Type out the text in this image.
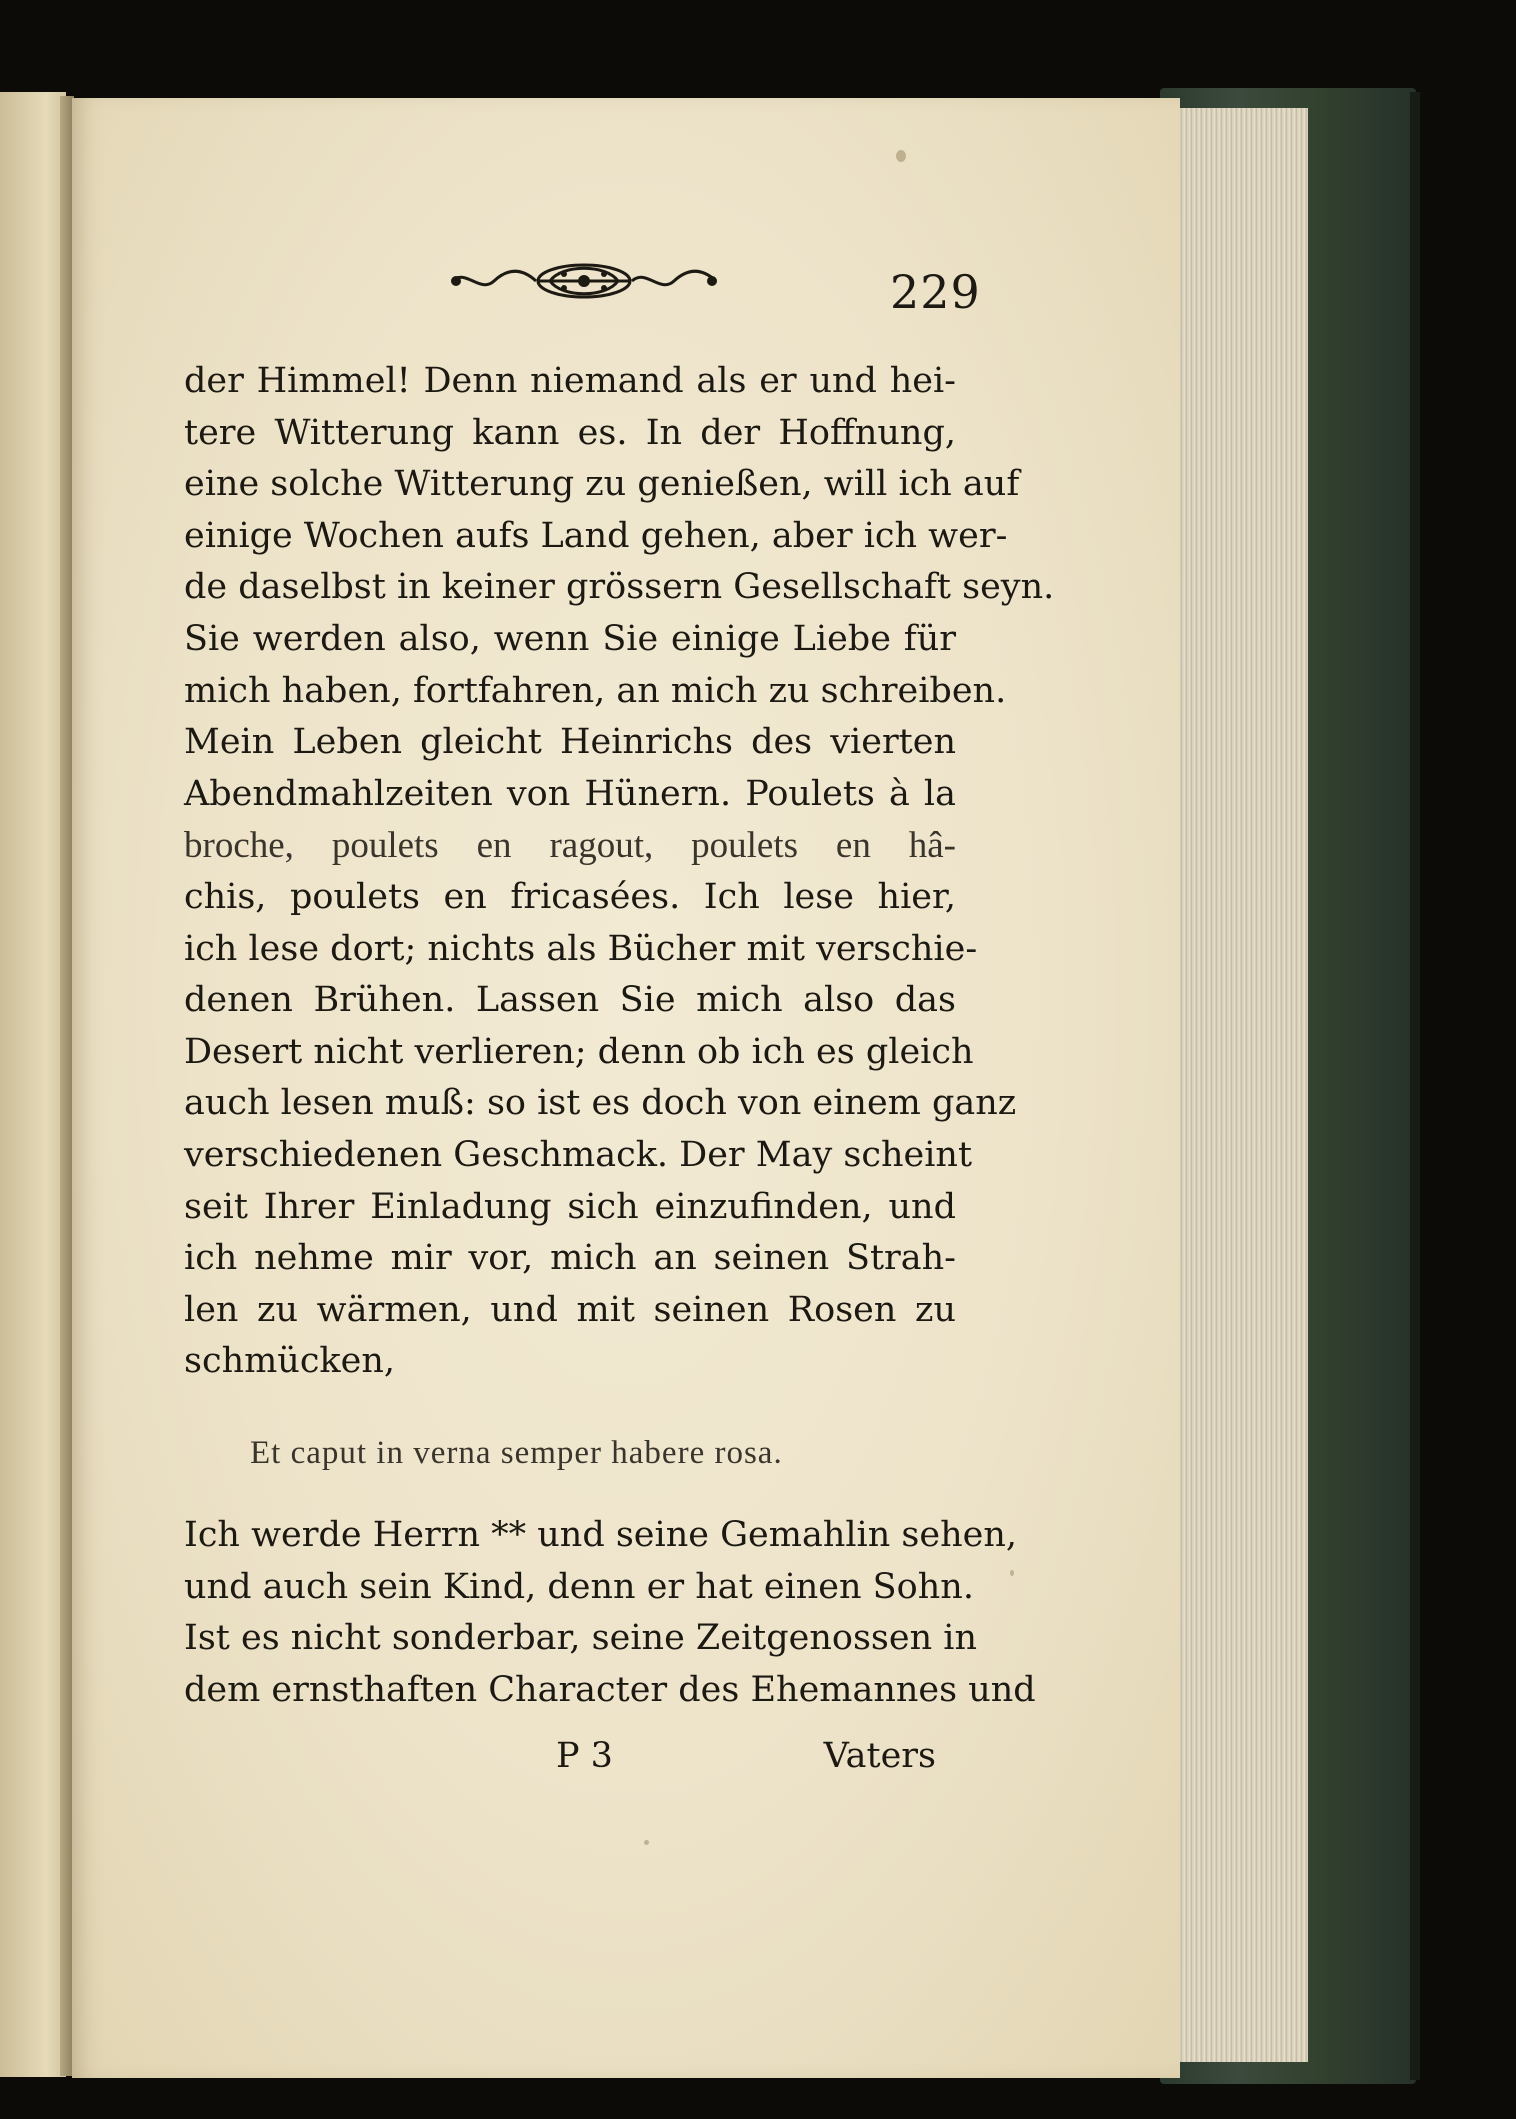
229
der Himmel! Denn niemand als er und hei-
tere Witterung kann es. In der Hoffnung,
eine solche Witterung zu genießen, will ich auf
einige Wochen aufs Land gehen, aber ich wer-
de daselbst in keiner grössern Gesellschaft seyn.
Sie werden also, wenn Sie einige Liebe für
mich haben, fortfahren, an mich zu schreiben.
Mein Leben gleicht Heinrichs des vierten
Abendmahlzeiten von Hünern. Poulets à la
broche, poulets en ragout, poulets en hâ-
chis, poulets en fricasées. Ich lese hier,
ich lese dort; nichts als Bücher mit verschie-
denen Brühen. Lassen Sie mich also das
Desert nicht verlieren; denn ob ich es gleich
auch lesen muß: so ist es doch von einem ganz
verschiedenen Geschmack. Der May scheint
seit Ihrer Einladung sich einzufinden, und
ich nehme mir vor, mich an seinen Strah-
len zu wärmen, und mit seinen Rosen zu
schmücken,
Et caput in verna semper habere rosa.
Ich werde Herrn ** und seine Gemahlin sehen,
und auch sein Kind, denn er hat einen Sohn.
Ist es nicht sonderbar, seine Zeitgenossen in
dem ernsthaften Character des Ehemannes und
P 3	Vaters
